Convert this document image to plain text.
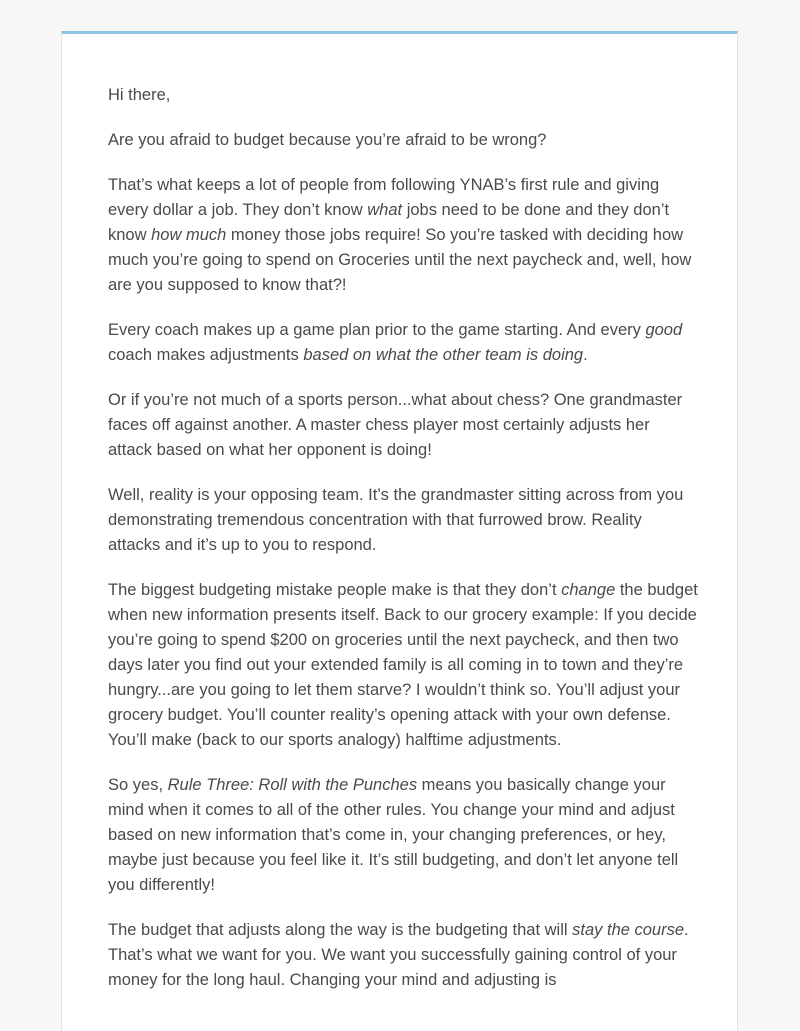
Hi there,

Are you afraid to budget because you’re afraid to be wrong?

That’s what keeps a lot of people from following YNAB’s first rule and giving every dollar a job. They don’t know what jobs need to be done and they don’t know how much money those jobs require! So you’re tasked with deciding how much you’re going to spend on Groceries until the next paycheck and, well, how are you supposed to know that?!

Every coach makes up a game plan prior to the game starting. And every good coach makes adjustments based on what the other team is doing.

Or if you’re not much of a sports person...what about chess? One grandmaster faces off against another. A master chess player most certainly adjusts her attack based on what her opponent is doing!

Well, reality is your opposing team. It’s the grandmaster sitting across from you demonstrating tremendous concentration with that furrowed brow. Reality attacks and it’s up to you to respond.

The biggest budgeting mistake people make is that they don’t change the budget when new information presents itself. Back to our grocery example: If you decide you’re going to spend $200 on groceries until the next paycheck, and then two days later you find out your extended family is all coming in to town and they’re hungry...are you going to let them starve? I wouldn’t think so. You’ll adjust your grocery budget. You’ll counter reality’s opening attack with your own defense. You’ll make (back to our sports analogy) halftime adjustments.

So yes, Rule Three: Roll with the Punches means you basically change your mind when it comes to all of the other rules. You change your mind and adjust based on new information that’s come in, your changing preferences, or hey, maybe just because you feel like it. It’s still budgeting, and don’t let anyone tell you differently!

The budget that adjusts along the way is the budgeting that will stay the course. That’s what we want for you. We want you successfully gaining control of your money for the long haul. Changing your mind and adjusting is
